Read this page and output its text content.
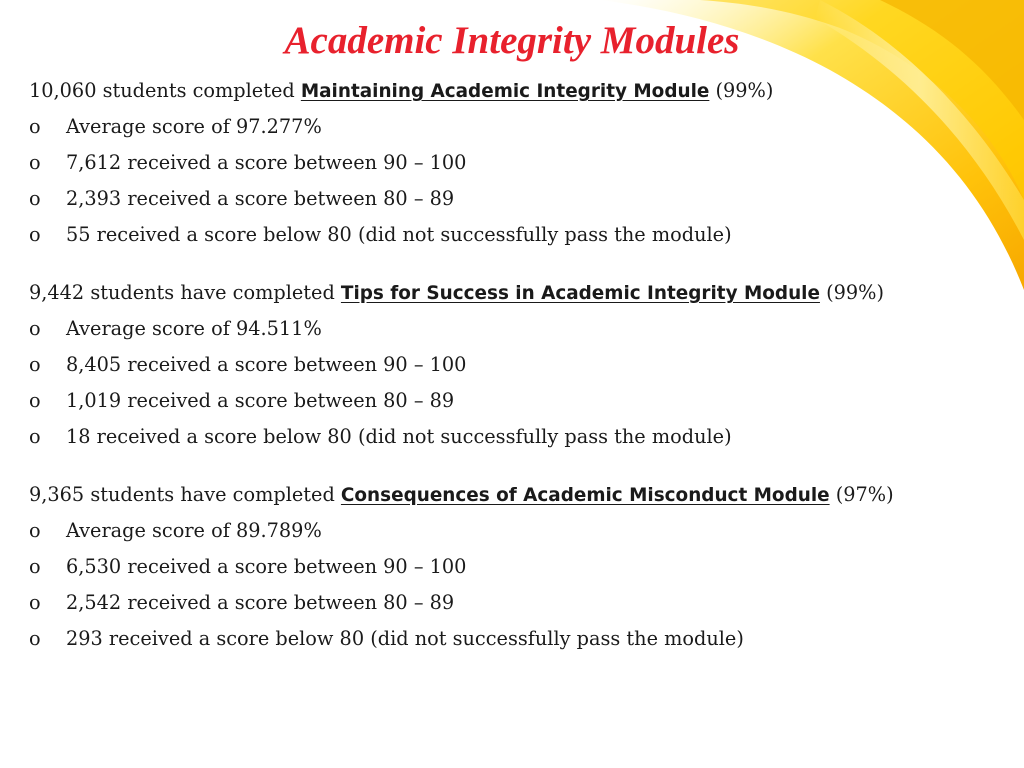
Academic Integrity Modules
10,060 students completed Maintaining Academic Integrity Module (99%)
o	Average score of 97.277%
o	7,612 received a score between 90 – 100
o	2,393 received a score between 80 – 89
o	55 received a score below 80 (did not successfully pass the module)
9,442 students have completed Tips for Success in Academic Integrity Module (99%)
o	Average score of 94.511%
o	8,405 received a score between 90 – 100
o	1,019 received a score between 80 – 89
o	18 received a score below 80 (did not successfully pass the module)
9,365 students have completed Consequences of Academic Misconduct Module (97%)
o	Average score of 89.789%
o	6,530 received a score between 90 – 100
o	2,542 received a score between 80 – 89
o	293 received a score below 80 (did not successfully pass the module)
